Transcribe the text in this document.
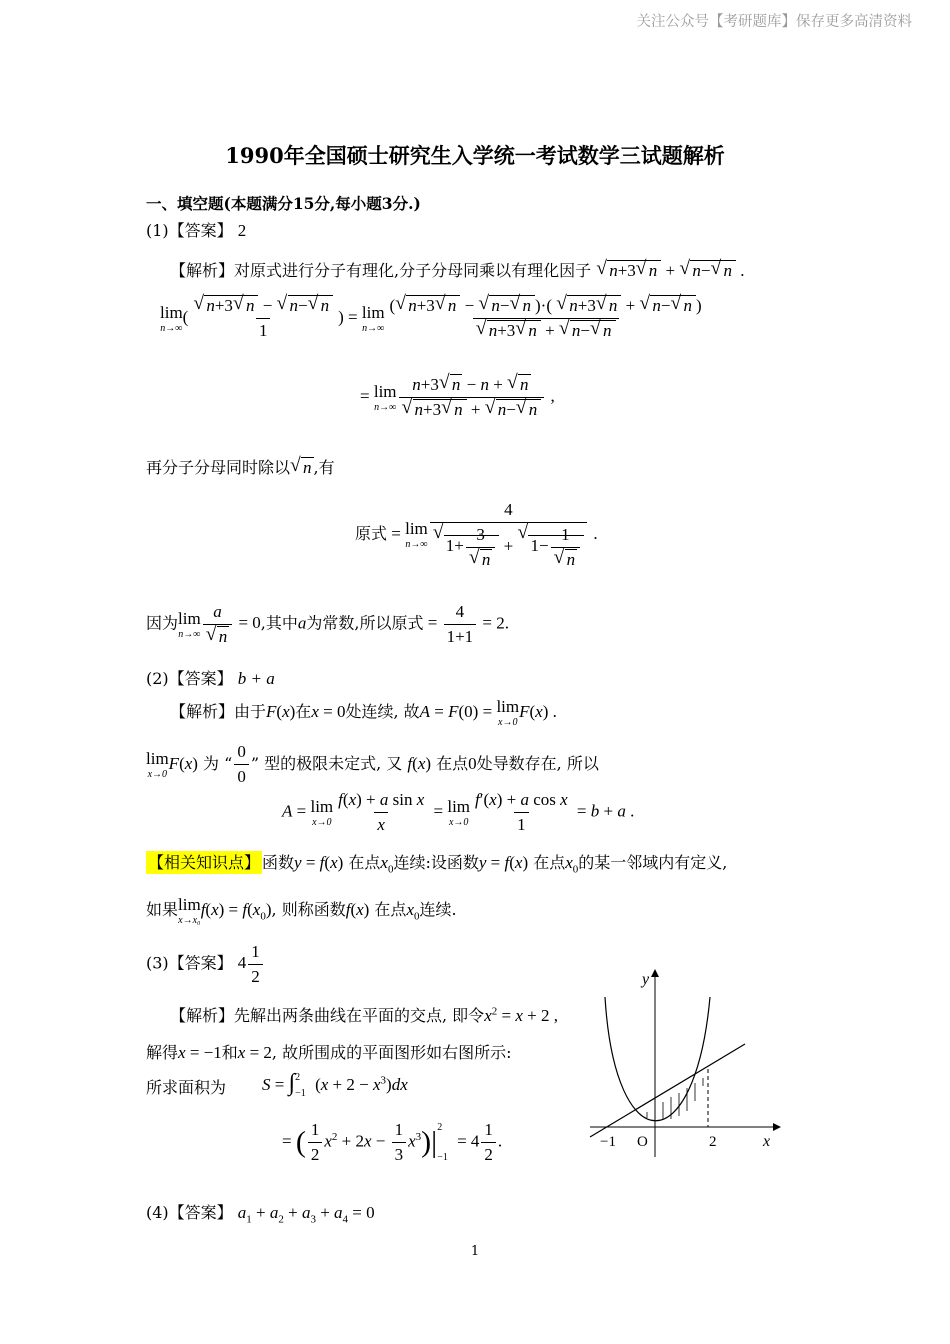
关注公众号【考研题库】保存更多高清资料
1990年全国硕士研究生入学统一考试数学三试题解析
一、填空题(本题满分15分,每小题3分.)
(1)【答案】 2
【解析】对原式进行分子有理化,分子分母同乘以有理化因子 √ n+3 √ n + √ n− √ n .
lim
n→∞
( $\frac{√ n+3 √ n - √ n- √ n}{1}$ ) = lim
$n\to\infty \frac{( √ n+3 √ n - √ n- √ n )\cdot( √ n+3 √ n + √ n- √ n )}{√ n+3 √ n + √ n- √ n}$
= lim
$n\to\infty \frac{n+3 √ n - n + √ n}{√ n+3 √ n + √ n- √ n}$ ,
再分子分母同时除以 √ n ,有
原式 = lim
n→∞ 4
√
$1+ \frac{3}{√ n}$ +
√
$1- \frac{1}{√ n}$ .
因为lim
$n\to\infty \frac{a}{√ n} = 0$,其中a为常数,所以原式 = $\frac{4}{1+1} = 2$.
(2)【答案】 b + a
【解析】由于F(x)在x = 0处连续, 故A = F(0) = lim
x→0
F(x) .
lim
x→0
F(x) 为 “ $\frac{0}{0}$ ” 型的极限未定式, 又 f(x) 在点0处导数存在, 所以
A = lim
$x\to 0 \frac{\text{f(x) + a sin x}}{x} = \lim$
$x\to 0 \frac{\text{f′(x) + a cos x}}{1} = b + a$ .
【相关知识点】 函数y = f(x) 在点$x_0$连续:设函数y = f(x) 在点$x_0$的某一邻域内有定义,
如果lim
x→x₀
$f(x) = f(x_0)$, 则称函数f(x) 在点$x_0$连续.
(3)【答案】 $4 \frac{1}{2}$
【解析】先解出两条曲线在平面的交点, 即令$x^2 = x + 2$ ,
解得x = −1和x = 2, 故所围成的平面图形如右图所示:
所求面积为 S = ∫$^2_{-1}$ $(x + 2 - x^3)dx$
= ( $\frac{1}{2} x^2 + 2x - \frac{1}{3} x^3)|^2_{-1} = 4 \frac{1}{2}$ .
y
x
O
−1	2
(4)【答案】 $a_1 + a_2 + a_3 + a_4 = 0$
1
